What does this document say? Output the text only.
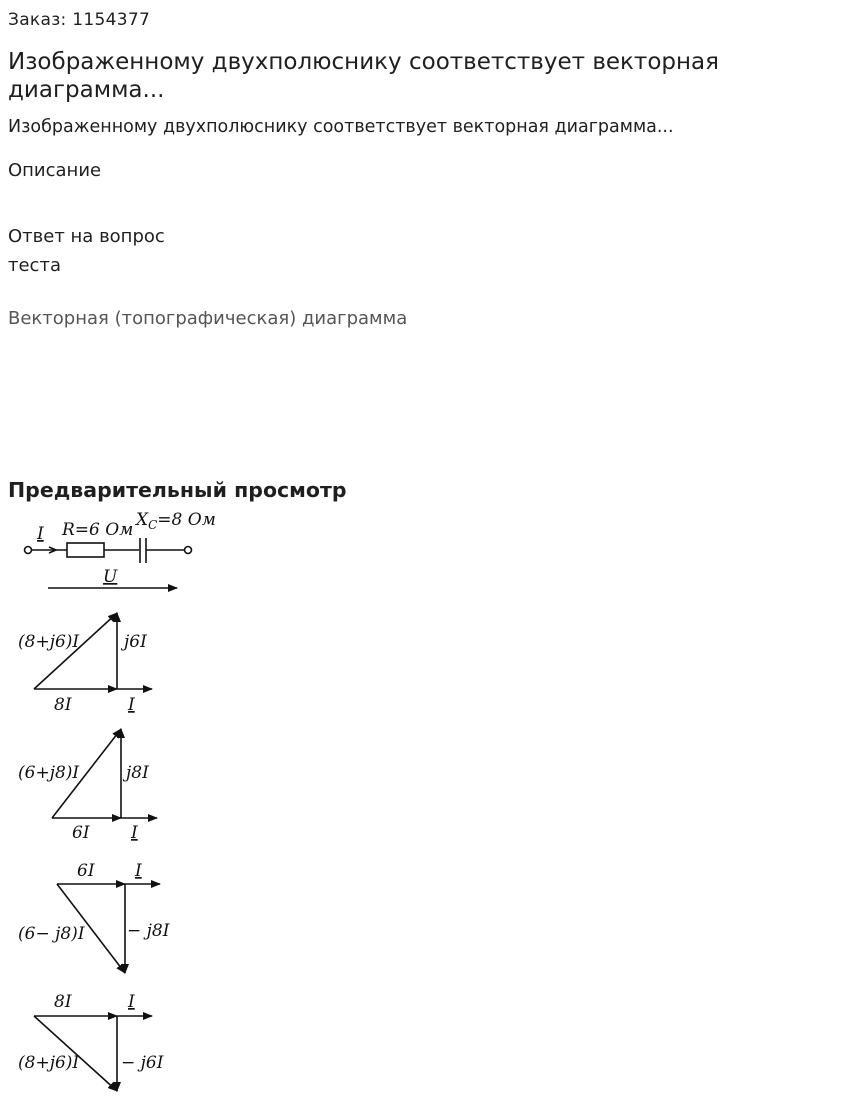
Заказ: 1154377
Изображенному двухполюснику соответствует векторная диаграмма...
Изображенному двухполюснику соответствует векторная диаграмма...
Описание
Ответ на вопрос
теста
Векторная (топографическая) диаграмма
Предварительный просмотр
I R=6 Ом $X_C=8$ Ом
U
(8+j6)I	j6I
8I	I
(6+j8)I	j8I
6I I
6I I
(6− j8)I − j8I
8I	I
(8+j6)I − j6I
